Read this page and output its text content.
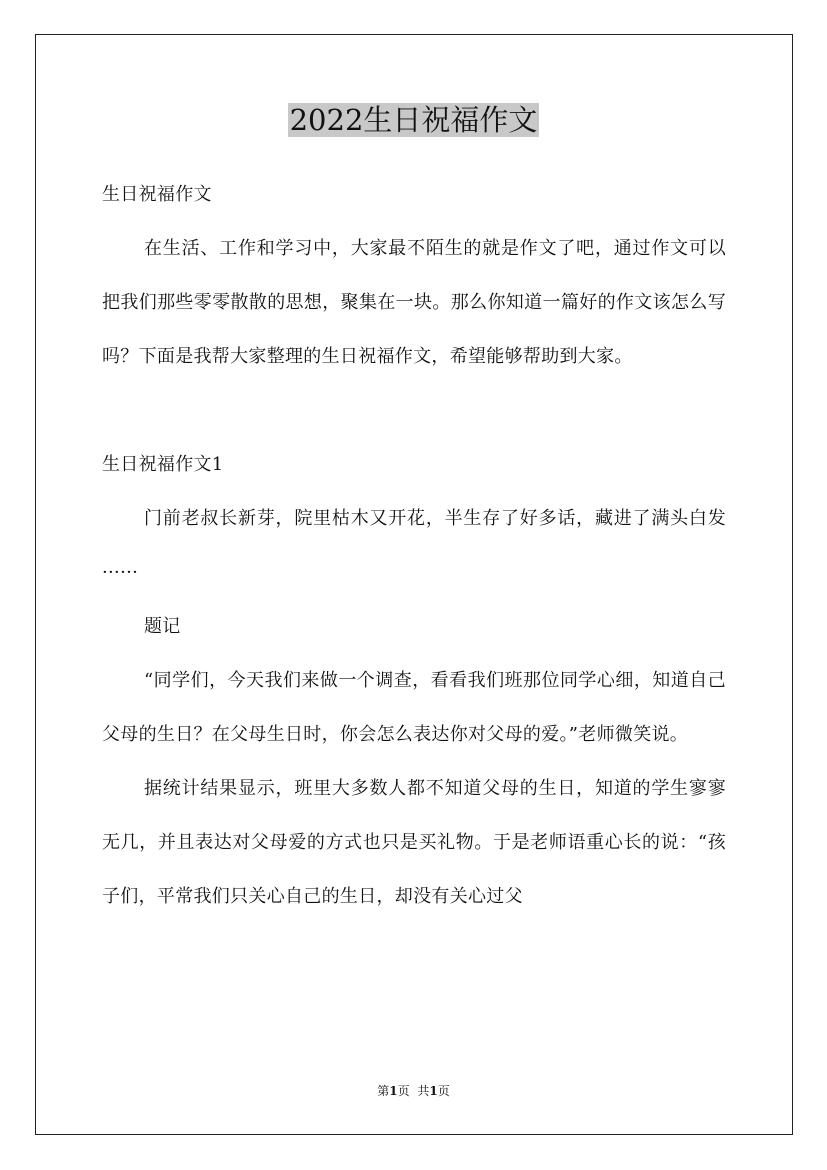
2022生日祝福作文

生日祝福作文

在生活、工作和学习中，大家最不陌生的就是作文了吧，通过作文可以把我们那些零零散散的思想，聚集在一块。那么你知道一篇好的作文该怎么写吗？下面是我帮大家整理的生日祝福作文，希望能够帮助到大家。

生日祝福作文1

门前老叔长新芽，院里枯木又开花，半生存了好多话，藏进了满头白发······

题记

“同学们，今天我们来做一个调查，看看我们班那位同学心细，知道自己父母的生日？在父母生日时，你会怎么表达你对父母的爱。”老师微笑说。

据统计结果显示，班里大多数人都不知道父母的生日，知道的学生寥寥无几，并且表达对父母爱的方式也只是买礼物。于是老师语重心长的说：“孩子们，平常我们只关心自己的生日，却没有关心过父

第1页 共1页
